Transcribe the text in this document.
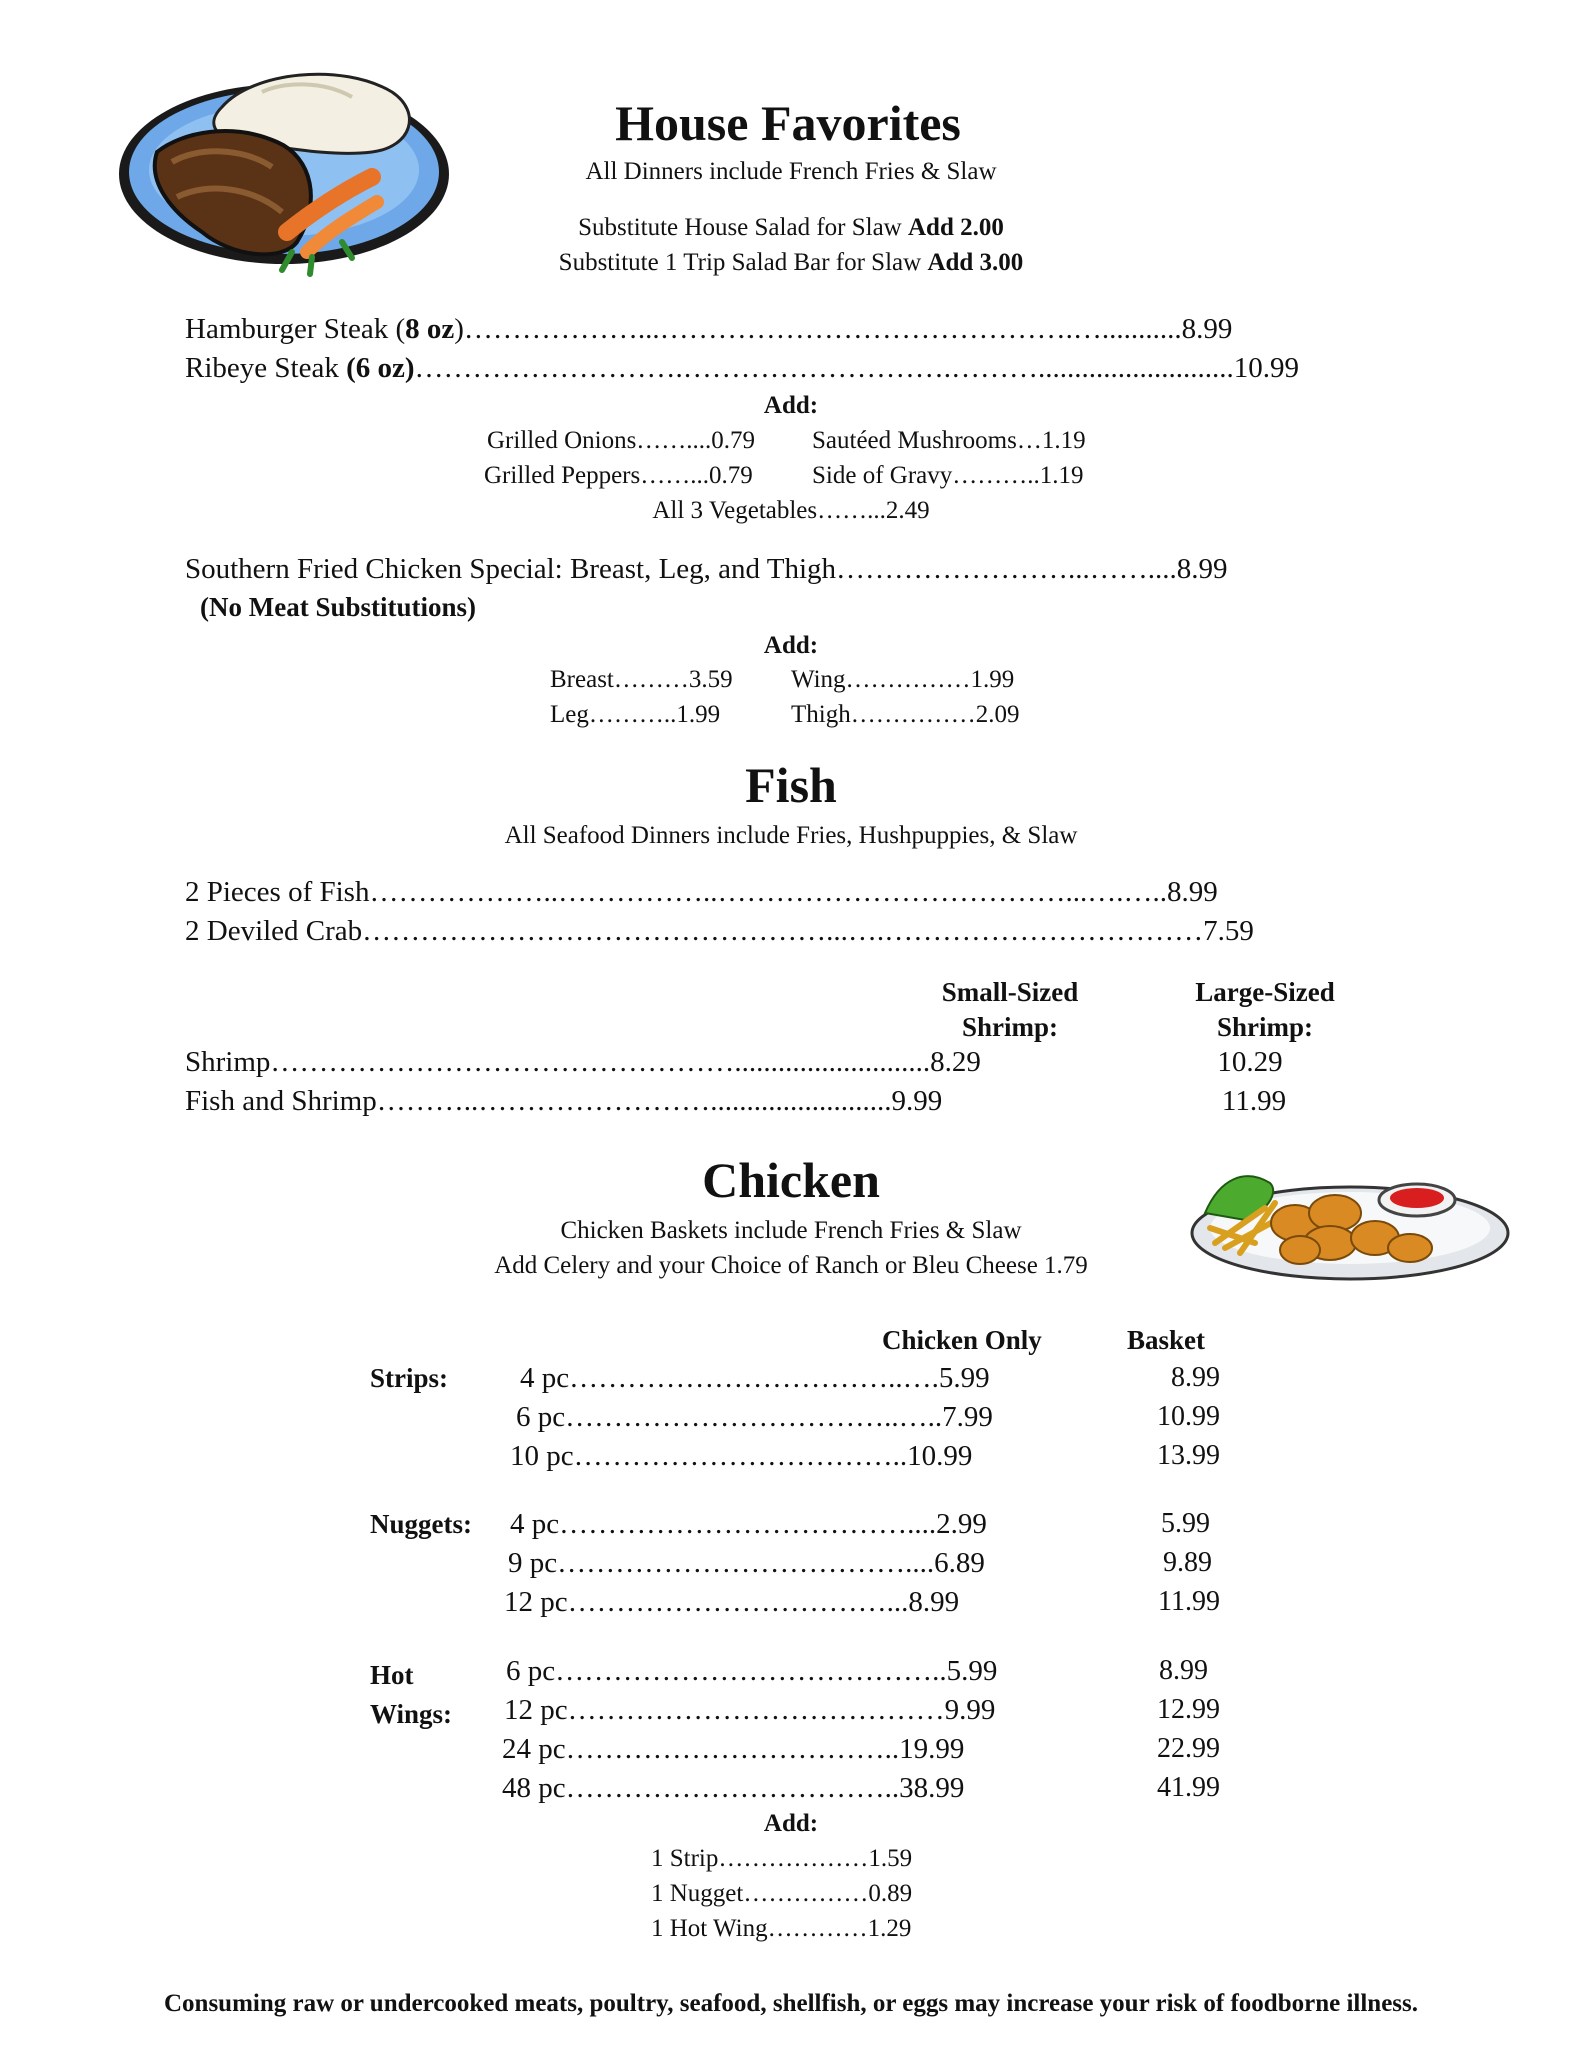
House Favorites
All Dinners include French Fries & Slaw
Substitute House Salad for Slaw Add 2.00
Substitute 1 Trip Salad Bar for Slaw Add 3.00
Hamburger Steak (8 oz)………………...…………………………………….…...........8.99
Ribeye Steak (6 oz)……………………….……………………….………...........................10.99
Add:
Grilled Onions……....0.79 Sautéed Mushrooms…1.19
Grilled Peppers……...0.79 Side of Gravy………..1.19
All 3 Vegetables……...2.49
Southern Fried Chicken Special: Breast, Leg, and Thigh……………………...……....8.99
(No Meat Substitutions)
Add:
Breast………3.59 Wing……………1.99
Leg………..1.99	Thigh……………2.09
Fish
All Seafood Dinners include Fries, Hushpuppies, & Slaw
2 Pieces of Fish………………..……………..………………………………...….…..8.99
2 Deviled Crab…………………………………………...….……………………………7.59
Small-Sized
Shrimp:
Large-Sized
Shrimp:
Shrimp…………………………………………...........................8.29	10.29
Fish and Shrimp………..…………………….........................9.99	11.99
Chicken
Chicken Baskets include French Fries & Slaw
Add Celery and your Choice of Ranch or Bleu Cheese 1.79
Chicken Only	Basket
Strips: 4 pc……………………………..….5.99	8.99
6 pc……………………………..…..7.99	10.99
10 pc……………………………..10.99	13.99
Nuggets: 4 pc………………………………....2.99	5.99
9 pc………………………………....6.89	9.89
12 pc……………………………...8.99	11.99
Hot
Wings:
6 pc…………………………………..5.99	8.99
12 pc…………………………………9.99	12.99
24 pc……………………………..19.99	22.99
48 pc……………………………..38.99	41.99
Add:
1 Strip………………1.59
1 Nugget……………0.89
1 Hot Wing…………1.29
Consuming raw or undercooked meats, poultry, seafood, shellfish, or eggs may increase your risk of foodborne illness.
